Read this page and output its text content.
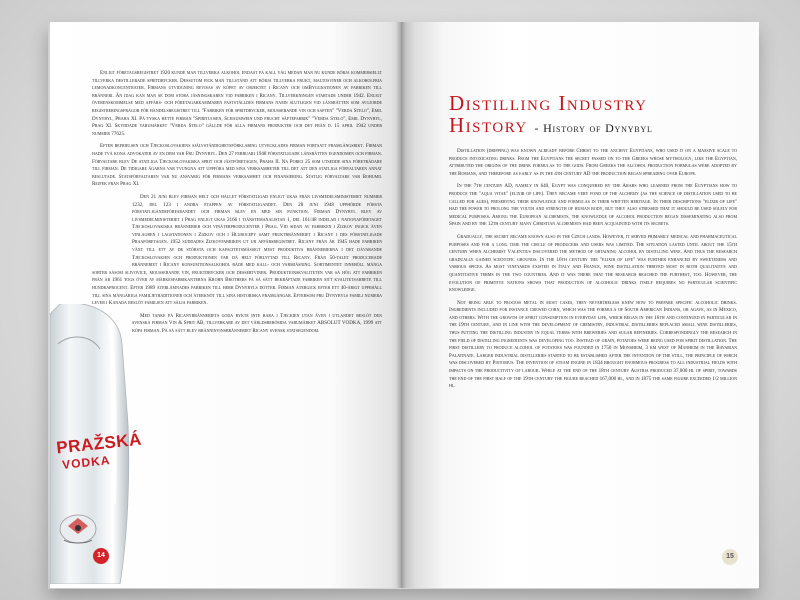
PRAŽSKÁ
VODKA

Enligt företagsregistret 1920 kunde man tillverka alkohol endast på kall väg medan man nu kunde börja kommersiellt tillverka destillerade spritdrycker. Dessutom fick man tillstånd att börja tillverka frukt, maltosviner och alkoholfria lemonadkoncentrater. Firmans utvidgning bevisas av köpet av objektet i Ricany och omByggnationen av fabriken till bränneri. Än idag kan man se dom stora jäsningskaren vid fabriken i Ricany. Tillverkningen startade under 1942. Enligt överenskommelse med affärs- och företagarkammaren fastställdes firmans namn slutligen vid länsrätten som avgjorde registreringsfrågor för handelsregistret till "Fabriken för spritdrycker, mousserande vin och saften" "Verda Stelo", Emil Dynybyl, Praha XI. På tyska hette firman "Spirituosen, Schaumwein und frucht säftefabrik" "Verda Stelo", Emil Dynybyl, Prag XI. Skyddade varumärket "Verda Stelo" gällde för alla firmans produkter och det från d. 15 april 1942 under nummer 77625.

Efter befrielsen och Tjeckoslovakiens självständighetsförklaring utvecklades firman fortsatt framgångsrikt. Firman hade två kona advokater av en dem var Fru Dynybyl. Den 27 februari 1948 förstatligade länsrätten egendomen och firman. Förvaltare blev De statliga Tjeckoslovakiska sprit och jästföretagen, Praha II. Na Porici 25 som utsedde sina företrädare till firman. De tidigare ägarna var tvungna att uppföra med sina verksamheter till det att den statliga förvaltaren annat beslutade. Statsförvaltaren var nu ansvarig för firmans verksamhet och finansiering. Statlig förvaltare var Bohumil Rejfek från Prag XI.

Den 21 juni blev firman helt och hållet förstatligad enligt ukas från livsmedelsministeriet nummer 1232, del 123 i andra etappen av förstatligandet. Den 28 juni 1948 upphörde första förstatligandeförfarandet och firman blev en med sin funktion. Firman Dynybyl blev av livsmedelministeriet i Prag enligt ukas 2166 i tjänstemanalistan 1, del 161/48 indelad i nationaföretaget Tjeckoslovakiska brännerier och vinåterproducenter i Prag. Vid sidan av fabriken i Zizkov ingick även vinlagren i lagstationen i Zizkov och i Hlubocepy samt fruktbränneriet i Ricany i des förstatligade Praaföretagen. 1952 suddades Zizkovfabriken ut ur affärsregistret. Ricany från år 1945 hade fabriken växt till ett av de största och kapacitetsmässigt mest produktiva brännerierna i det dåvarande Tjeckoslovakien och produktionen var då helt förlyttad till Ricany. Från 50-talet producerade bränneriet i Ricany konsumtionsalkohol både med kall- och varmjäsning. Sortimentet innehöll många sorter såsom slivovice, mousserande vin, fruktdrycker och dessertviner. Produktionskvaliteten var så hög att fabriken från år 1961 togs över av märkesfabrikanterna Krohn Brothers på så sätt bekräftade fabriken sitt kvalitetsarbete till hundraprocent. Efter 1989 återlämnades fabriken till herr Dynybyls dotter. Firman återgick efter ett 40-årigt uppehåll till sina mångåriga familjetraditioner och återknöt till sina historiska framgångar. Eftersom fru Dynybyls familj numera lever i Kanada beslöt familjen att sälja fabriken.

Med tanke på Ricanybränneriets goda rykte inte bara i Tjeckien utan även i utlandet beslöt den svenska firman Vin & Sprit AB, tillverkare av det världsberömda varumärket ABSOLUT VODKA, 1999 att köpa firman. På så sätt blev bränninvinsbränneriet Ricany svensk statsegendom.

14
Distilling Industry
History - History of Dynybyl

Distillation (dripping) was known already before Christ to the ancient Egyptians, who used it on a massive scale to produce intoxicating drinks. From the Egyptians the secret passed on to the Greeks whose mythology, like the Egyptian, attributed the origins of the drink formulas to the gods. From Greeks the alcohol production formulas were adopted by the Romans, and therefore as early as in the 4th century AD the production began spreading over Europe.

In the 7th century AD, namely in 640, Egypt was conquered by the Arabs who learned from the Egyptians how to produce the "aqua vitae" (elixir of life). They became very fond of the alchemy (as the science of distillation used to be called for ages), preserving their knowledge and formulas in their written heritage. In their descriptions "elixir of life" had the power to prolong the youth and strength of human body, but they also stressed that it should be used solely for medical purposes. Among the European alchemists, the knowledge of alcohol production began disseminating also from Spain and by the 12th century many Christian alchemists had been acquainted with its secrets.

Gradually, the secret became known also in the Czech lands. However, it served primarily medical and pharmaceutical purposes and for a long time the circle of producers and users was limited. The situation lasted until about the 15th century when alchemist Valentius discovered the method of obtaining alcohol by distilling wine. And thus the research gradually gained scientific grounds. In the 16th century the "elixir of life" was further enhanced by sweeteners and various spices. As most vineyards existed in Italy and France, wine distillation thrived most in both qualitative and quantitative terms in the two countries. And it was there that the research reached the furthest, too. However, the evolution of primitive nations shows that production of alcoholic drinks itself requires no particular scientific knowledge.

Not being able to process metal in most cases, they nevertheless knew how to prepare specific alcoholic drinks. Ingredients included for instance chewed corn, which was the formula of South American Indians, or agave, as in Mexico, and others. With the growth of spirit consumption in everyday life, which began in the 16th and continued in particular in the 19th century, and in line with the development of chemistry, industrial distilleries replaced small wine distilleries, thus putting the distilling industry in equal terms with breweries and sugar refineries. Correspondingly the research in the field of distilling ingredients was developing too. Instead of grain, potatoes were being used for spirit distillation. The first distillery to produce alcohol of potatoes was founded in 1750 in Monsheim, 3 km west of Manheim in the Bavarian Palatinate. Larger industrial distilleries started to be established after the invention of the still, the principle of which was discovered by Pistorius. The invention of steam engine in 1834 brought enormous progress to all industrial fields with impacts on the productivity of labour. While at the end of the 18th century Austria produced 37,000 hl of spirit, towards the end of the first half of the 19th century the figure reached 167,000 hl, and in 1875 the same figure exceeded 1/2 million hl.

15
